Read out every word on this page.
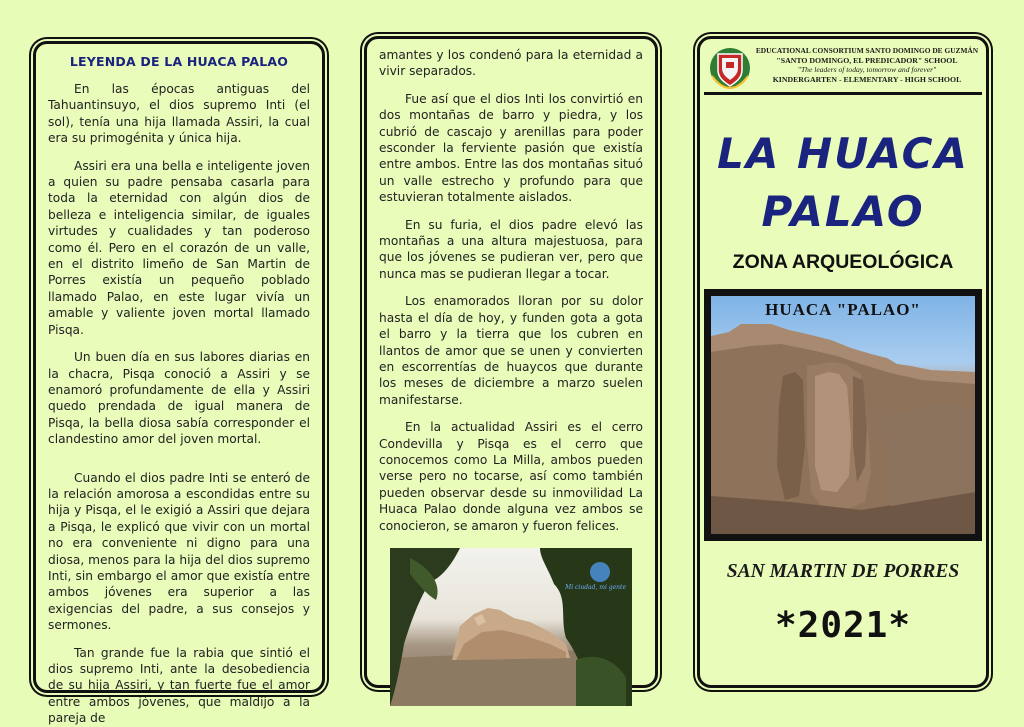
LEYENDA DE LA HUACA PALAO

En las épocas antiguas del Tahuantinsuyo, el dios supremo Inti (el sol), tenía una hija llamada Assiri, la cual era su primogénita y única hija.

Assiri era una bella e inteligente joven a quien su padre pensaba casarla para toda la eternidad con algún dios de belleza e inteligencia similar, de iguales virtudes y cualidades y tan poderoso como él. Pero en el corazón de un valle, en el distrito limeño de San Martin de Porres existía un pequeño poblado llamado Palao, en este lugar vivía un amable y valiente joven mortal llamado Pisqa.

Un buen día en sus labores diarias en la chacra, Pisqa conoció a Assiri y se enamoró profundamente de ella y Assiri quedo prendada de igual manera de Pisqa, la bella diosa sabía corresponder el clandestino amor del joven mortal.

Cuando el dios padre Inti se enteró de la relación amorosa a escondidas entre su hija y Pisqa, el le exigió a Assiri que dejara a Pisqa, le explicó que vivir con un mortal no era conveniente ni digno para una diosa, menos para la hija del dios supremo Inti, sin embargo el amor que existía entre ambos jóvenes era superior a las exigencias del padre, a sus consejos y sermones.

Tan grande fue la rabia que sintió el dios supremo Inti, ante la desobediencia de su hija Assiri, y tan fuerte fue el amor entre ambos jóvenes, que maldijo a la pareja de

amantes y los condenó para la eternidad a vivir separados.

Fue así que el dios Inti los convirtió en dos montañas de barro y piedra, y los cubrió de cascajo y arenillas para poder esconder la ferviente pasión que existía entre ambos. Entre las dos montañas situó un valle estrecho y profundo para que estuvieran totalmente aislados.

En su furia, el dios padre elevó las montañas a una altura majestuosa, para que los jóvenes se pudieran ver, pero que nunca mas se pudieran llegar a tocar.

Los enamorados lloran por su dolor hasta el día de hoy, y funden gota a gota el barro y la tierra que los cubren en llantos de amor que se unen y convierten en escorrentías de huaycos que durante los meses de diciembre a marzo suelen manifestarse.

En la actualidad Assiri es el cerro Condevilla y Pisqa es el cerro que conocemos como La Milla, ambos pueden verse pero no tocarse, así como también pueden observar desde su inmovilidad La Huaca Palao donde alguna vez ambos se conocieron, se amaron y fueron felices.

Mi ciudad, mi gente
EDUCATIONAL CONSORTIUM SANTO DOMINGO DE GUZMÁN
"SANTO DOMINGO, EL PREDICADOR" SCHOOL
"The leaders of today, tomorrow and forever"
KINDERGARTEN - ELEMENTARY - HIGH SCHOOL
LA HUACA
PALAO
ZONA ARQUEOLÓGICA
HUACA "PALAO"
SAN MARTIN DE PORRES
*2021*
